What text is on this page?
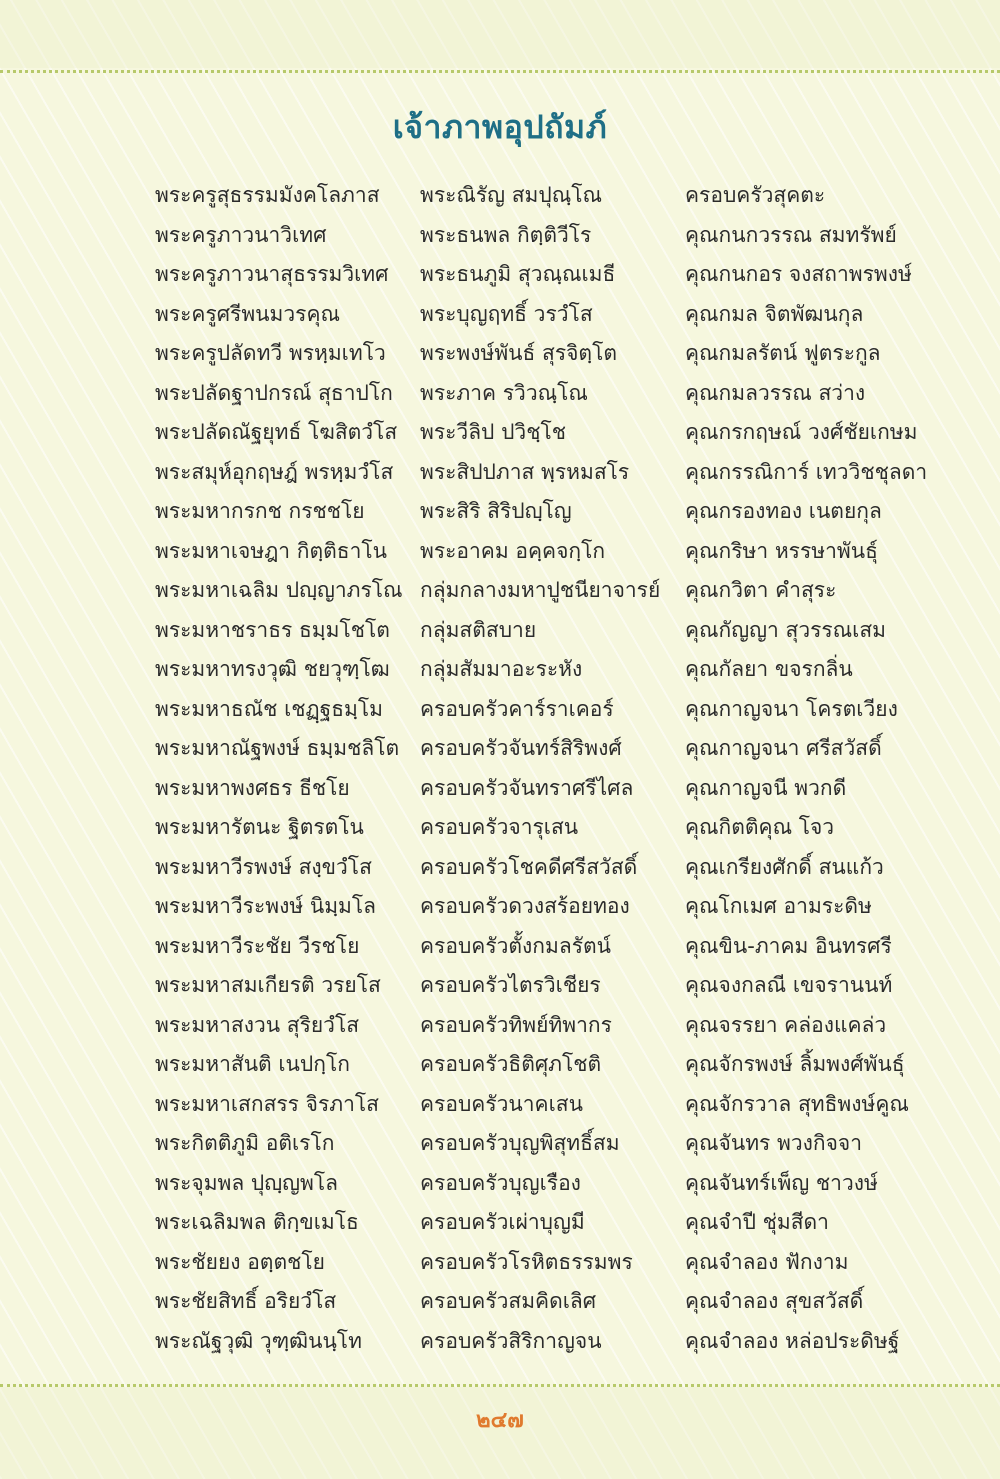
เจ้าภาพอุปถัมภ์
พระครูสุธรรมมังคโลภาส
พระครูภาวนาวิเทศ
พระครูภาวนาสุธรรมวิเทศ
พระครูศรีพนมวรคุณ
พระครูปลัดทวี พรหฺมเทโว
พระปลัดฐาปกรณ์ สุธาปโก
พระปลัดณัฐยุทธ์ โฆสิตวํโส
พระสมุห์อุกฤษฎ์ พรหฺมวํโส
พระมหากรกช กรชชโย
พระมหาเจษฎา กิตฺติธาโน
พระมหาเฉลิม ปญฺญาภรโณ
พระมหาชราธร ธมฺมโชโต
พระมหาทรงวุฒิ ชยวุฑฺโฒ
พระมหาธณัช เชฏฺฐธมฺโม
พระมหาณัฐพงษ์ ธมฺมชลิโต
พระมหาพงศธร ธีชโย
พระมหารัตนะ ฐิตรตโน
พระมหาวีรพงษ์ สงฺขวํโส
พระมหาวีระพงษ์ นิมฺมโล
พระมหาวีระชัย วีรชโย
พระมหาสมเกียรติ วรยโส
พระมหาสงวน สุริยวํโส
พระมหาสันติ เนปกฺโก
พระมหาเสกสรร จิรภาโส
พระกิตติภูมิ อติเรโก
พระจุมพล ปุญฺญพโล
พระเฉลิมพล ติกฺขเมโธ
พระชัยยง อตฺตชโย
พระชัยสิทธิ์ อริยวํโส
พระณัฐวุฒิ วุฑฺฒินนฺโท
พระณิรัญ สมปุณฺโณ
พระธนพล กิตฺติวีโร
พระธนภูมิ สุวณฺณเมธี
พระบุญฤทธิ์ วรวํโส
พระพงษ์พันธ์ สุรจิตฺโต
พระภาค รวิวณฺโณ
พระวีลิป ปวิชฺโช
พระสิปปภาส พฺรหมสโร
พระสิริ สิริปญฺโญ
พระอาคม อคฺคจกฺโก
กลุ่มกลางมหาปูชนียาจารย์
กลุ่มสติสบาย
กลุ่มสัมมาอะระหัง
ครอบครัวคาร์ราเคอร์
ครอบครัวจันทร์สิริพงศ์
ครอบครัวจันทราศรีไศล
ครอบครัวจารุเสน
ครอบครัวโชคดีศรีสวัสดิ์
ครอบครัวดวงสร้อยทอง
ครอบครัวตั้งกมลรัตน์
ครอบครัวไตรวิเชียร
ครอบครัวทิพย์ทิพากร
ครอบครัวธิติศุภโชติ
ครอบครัวนาคเสน
ครอบครัวบุญพิสุทธิ์สม
ครอบครัวบุญเรือง
ครอบครัวเผ่าบุญมี
ครอบครัวโรหิตธรรมพร
ครอบครัวสมคิดเลิศ
ครอบครัวสิริกาญจน
ครอบครัวสุคตะ
คุณกนกวรรณ สมทรัพย์
คุณกนกอร จงสถาพรพงษ์
คุณกมล จิตพัฒนกุล
คุณกมลรัตน์ ฟูตระกูล
คุณกมลวรรณ สว่าง
คุณกรกฤษณ์ วงศ์ชัยเกษม
คุณกรรณิการ์ เทววิชชุลดา
คุณกรองทอง เนตยกุล
คุณกริษา หรรษาพันธุ์
คุณกวิตา คำสุระ
คุณกัญญา สุวรรณเสม
คุณกัลยา ขจรกลิ่น
คุณกาญจนา โครตเวียง
คุณกาญจนา ศรีสวัสดิ์
คุณกาญจนี พวกดี
คุณกิตติคุณ โจว
คุณเกรียงศักดิ์ สนแก้ว
คุณโกเมศ อามระดิษ
คุณขิน-ภาคม อินทรศรี
คุณจงกลณี เขจรานนท์
คุณจรรยา คล่องแคล่ว
คุณจักรพงษ์ ลิ้มพงศ์พันธุ์
คุณจักรวาล สุทธิพงษ์คูณ
คุณจันทร พวงกิจจา
คุณจันทร์เพ็ญ ชาวงษ์
คุณจำปี ชุ่มสีดา
คุณจำลอง ฟักงาม
คุณจำลอง สุขสวัสดิ์
คุณจำลอง หล่อประดิษฐ์
๒๔๗
